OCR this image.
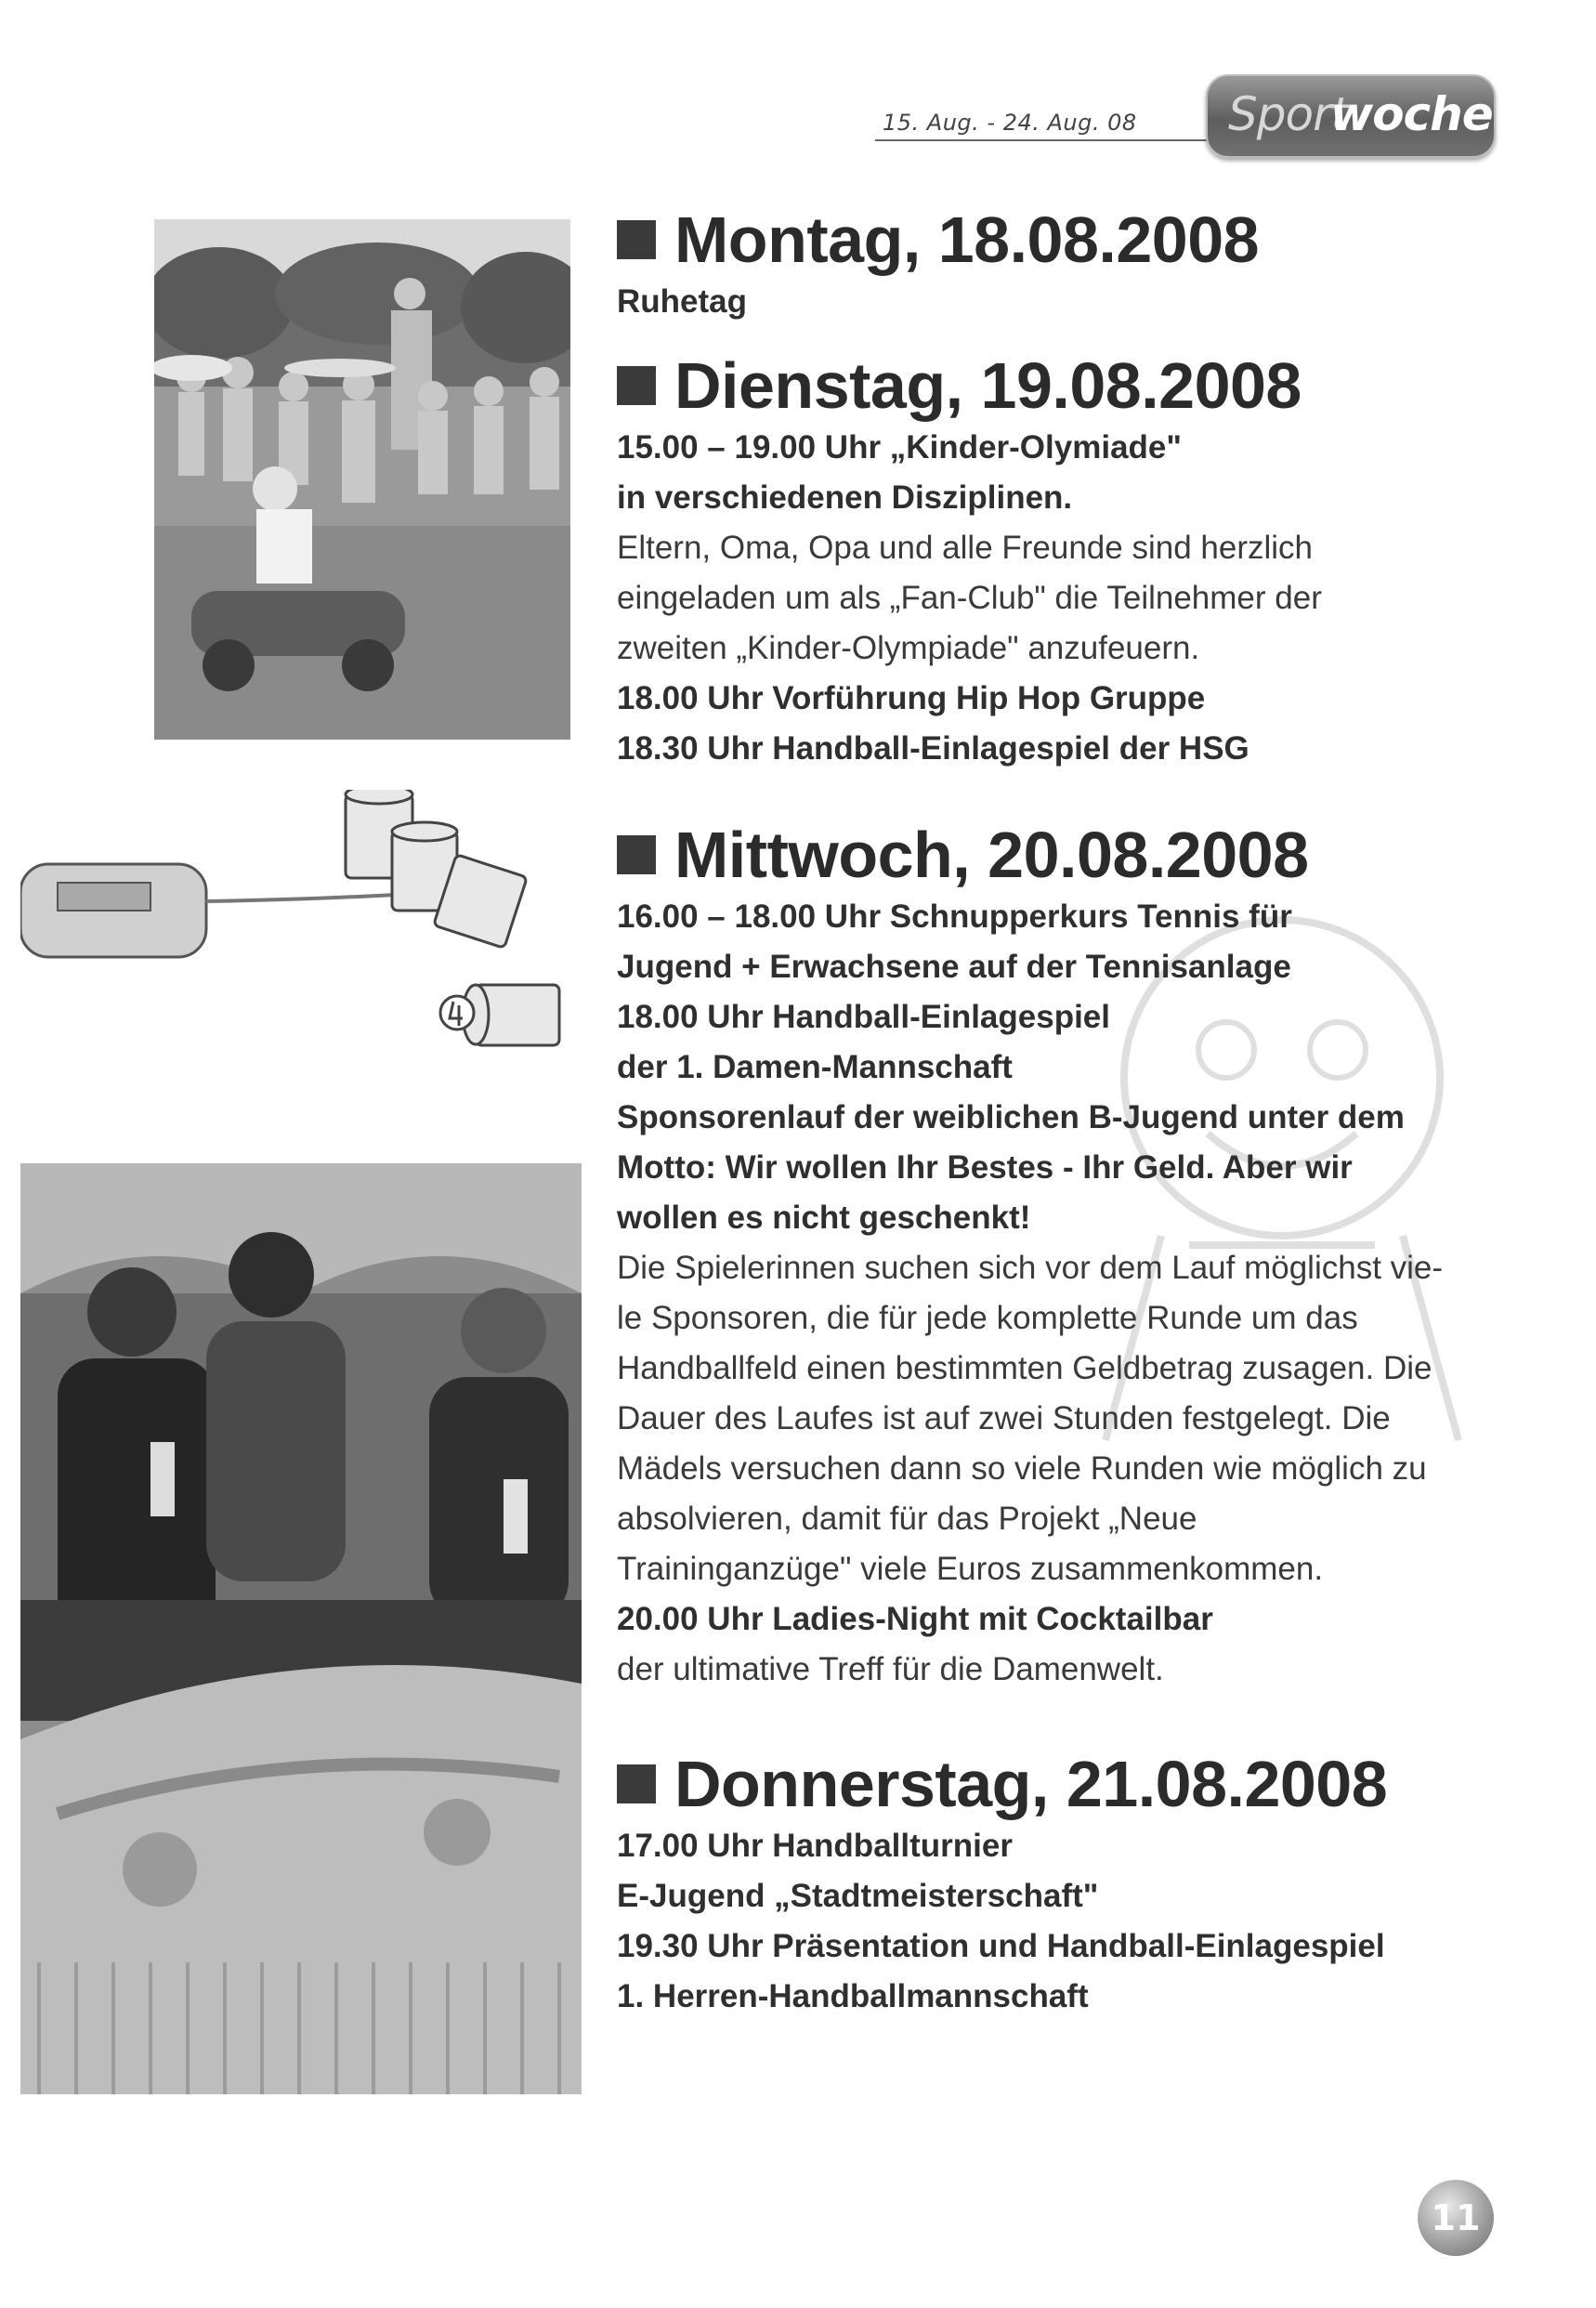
15. Aug. - 24. Aug. 08 Sport
woche
Montag, 18.08.2008
Ruhetag
Dienstag, 19.08.2008
15.00 – 19.00 Uhr „Kinder-Olymiade"
in verschiedenen Disziplinen.
Eltern, Oma, Opa und alle Freunde sind herzlich
eingeladen um als „Fan-Club" die Teilnehmer der
zweiten „Kinder-Olympiade" anzufeuern.
18.00 Uhr Vorführung Hip Hop Gruppe
18.30 Uhr Handball-Einlagespiel der HSG
Mittwoch, 20.08.2008
16.00 – 18.00 Uhr Schnupperkurs Tennis für
Jugend + Erwachsene auf der Tennisanlage
18.00 Uhr Handball-Einlagespiel
der 1. Damen-Mannschaft
Sponsorenlauf der weiblichen B-Jugend unter dem
Motto: Wir wollen Ihr Bestes - Ihr Geld. Aber wir
wollen es nicht geschenkt!
Die Spielerinnen suchen sich vor dem Lauf möglichst vie-
le Sponsoren, die für jede komplette Runde um das
Handballfeld einen bestimmten Geldbetrag zusagen. Die
Dauer des Laufes ist auf zwei Stunden festgelegt. Die
Mädels versuchen dann so viele Runden wie möglich zu
absolvieren, damit für das Projekt „Neue
Traininganzüge" viele Euros zusammenkommen.
20.00 Uhr Ladies-Night mit Cocktailbar
der ultimative Treff für die Damenwelt.
Donnerstag, 21.08.2008
17.00 Uhr Handballturnier
E-Jugend „Stadtmeisterschaft"
19.30 Uhr Präsentation und Handball-Einlagespiel
1. Herren-Handballmannschaft
11
